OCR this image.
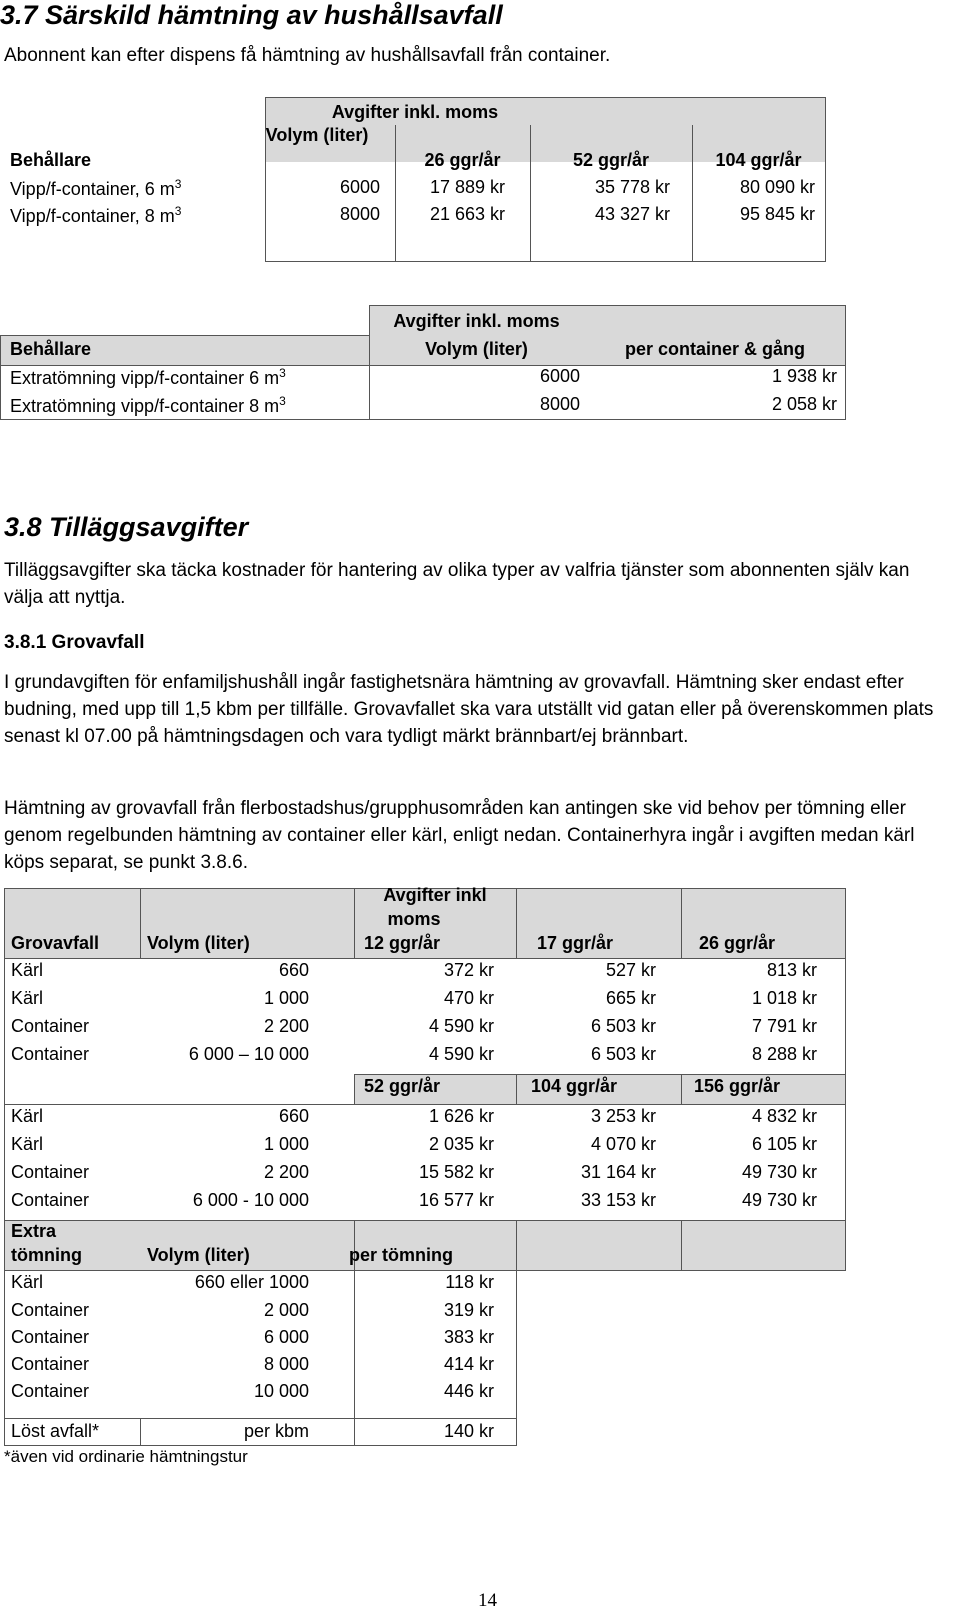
3.7 Särskild hämtning av hushållsavfall
Abonnent kan efter dispens få hämtning av hushållsavfall från container.
Avgifter inkl. moms
Behållare
Volym (liter)
26 ggr/år	52 ggr/år	104 ggr/år
Vipp/f-container, 6 $m^3$	6000	17 889 kr	35 778 kr	80 090 kr
Vipp/f-container, 8 $m^3$	8000	21 663 kr	43 327 kr	95 845 kr
Avgifter inkl. moms
Behållare	Volym (liter)	per container & gång
Extratömning vipp/f-container 6 $m^3$	6000	1 938 kr
Extratömning vipp/f-container 8 $m^3$	8000	2 058 kr
3.8 Tilläggsavgifter
Tilläggsavgifter ska täcka kostnader för hantering av olika typer av valfria tjänster som abonnenten själv kan välja att nyttja.
3.8.1 Grovavfall
I grundavgiften för enfamiljshushåll ingår fastighetsnära hämtning av grovavfall. Hämtning sker endast efter budning, med upp till 1,5 kbm per tillfälle. Grovavfallet ska vara utställt vid gatan eller på överenskommen plats senast kl 07.00 på hämtningsdagen och vara tydligt märkt brännbart/ej brännbart.
Hämtning av grovavfall från flerbostadshus/grupphusområden kan antingen ske vid behov per tömning eller genom regelbunden hämtning av container eller kärl, enligt nedan. Containerhyra ingår i avgiften medan kärl köps separat, se punkt 3.8.6.
Grovavfall	Volym (liter)
Avgifter inkl
moms
12 ggr/år	17 ggr/år	26 ggr/år
Kärl	660	372 kr	527 kr	813 kr
Kärl	1 000	470 kr	665 kr	1 018 kr
Container	2 200	4 590 kr	6 503 kr	7 791 kr
Container	6 000 – 10 000	4 590 kr	6 503 kr	8 288 kr
52 ggr/år	104 ggr/år	156 ggr/år
Kärl	660	1 626 kr	3 253 kr	4 832 kr
Kärl	1 000	2 035 kr	4 070 kr	6 105 kr
Container	2 200	15 582 kr	31 164 kr	49 730 kr
Container	6 000 - 10 000	16 577 kr	33 153 kr	49 730 kr
Extra
tömning	Volym (liter)	per tömning
Kärl	660 eller 1000	118 kr
Container	2 000	319 kr
Container	6 000	383 kr
Container	8 000	414 kr
Container	10 000	446 kr
Löst avfall*	per kbm	140 kr
*även vid ordinarie hämtningstur
14
